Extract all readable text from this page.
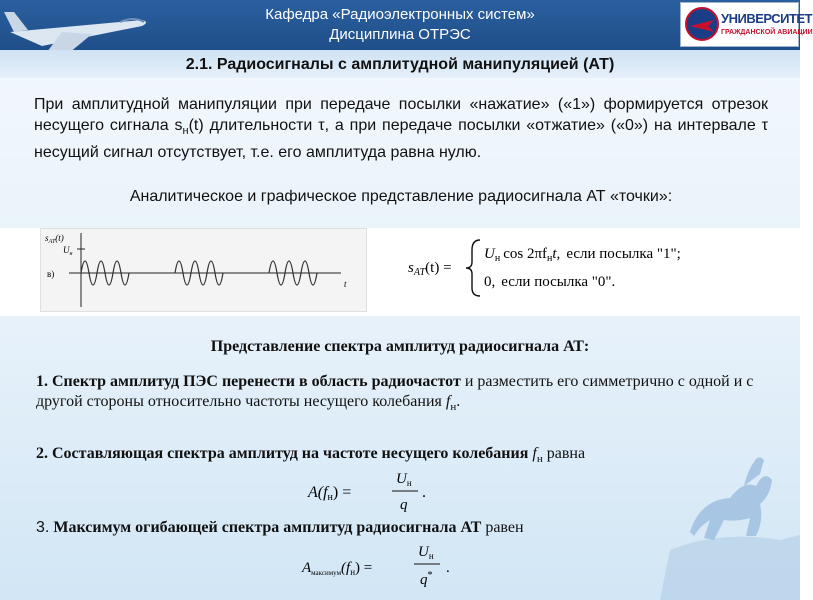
Кафедра «Радиоэлектронных систем»
Дисциплина ОТРЭС
УНИВЕРСИТЕТ
ГРАЖДАНСКОЙ АВИАЦИИ
2.1. Радиосигналы с амплитудной манипуляцией (АТ)
При амплитудной манипуляции при передаче посылки «нажатие» («1») формируется отрезок несущего сигнала $s_н(t)$ длительности τ, а при передаче посылки «отжатие» («0») на интервале τ несущий сигнал отсутствует, т.е. его амплитуда равна нулю.
Аналитическое и графическое представление радиосигнала АТ «точки»:
$s_{AT}(t)$
$U_н$
в)
t
$s_{AT}(t)$ =
$U_н$ $\cos 2\pi f_нt$, если посылка "1";
0, если посылка "0".
Представление спектра амплитуд радиосигнала АТ:
1. Спектр амплитуд ПЭС перенести в область радиочастот и разместить его симметрично с одной и с другой стороны относительно частоты несущего колебания $f_н$.
2. Составляющая спектра амплитуд на частоте несущего колебания $f_н$ равна
A(fн) =
$U_н$
q
.
3. Максимум огибающей спектра амплитуд радиосигнала АТ равен
$A_{максимум}(f_н)$ =
$U_н$
q* .
